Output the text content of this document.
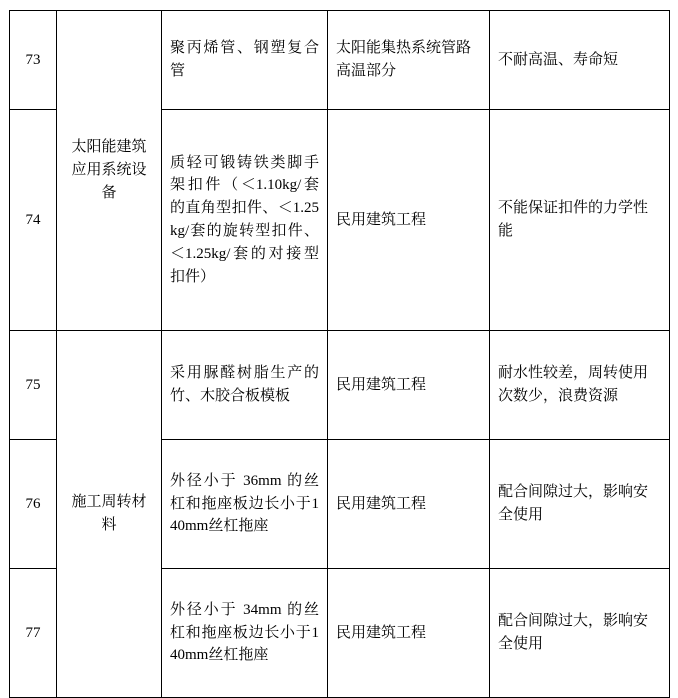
73	太阳能建筑应用系统设备	聚丙烯管、钢塑复合管	太阳能集热系统管路高温部分	不耐高温、寿命短
74		质轻可锻铸铁类脚手架扣件（＜1.10kg/套的直角型扣件、＜1.25kg/套的旋转型扣件、＜1.25kg/套的对接型扣件）	民用建筑工程	不能保证扣件的力学性能
75	施工周转材料	采用脲醛树脂生产的竹、木胶合板模板	民用建筑工程	耐水性较差，周转使用次数少，浪费资源
76		外径小于 36mm 的丝杠和拖座板边长小于140mm丝杠拖座	民用建筑工程	配合间隙过大，影响安全使用
77		外径小于 34mm 的丝杠和拖座板边长小于140mm丝杠拖座	民用建筑工程	配合间隙过大，影响安全使用
